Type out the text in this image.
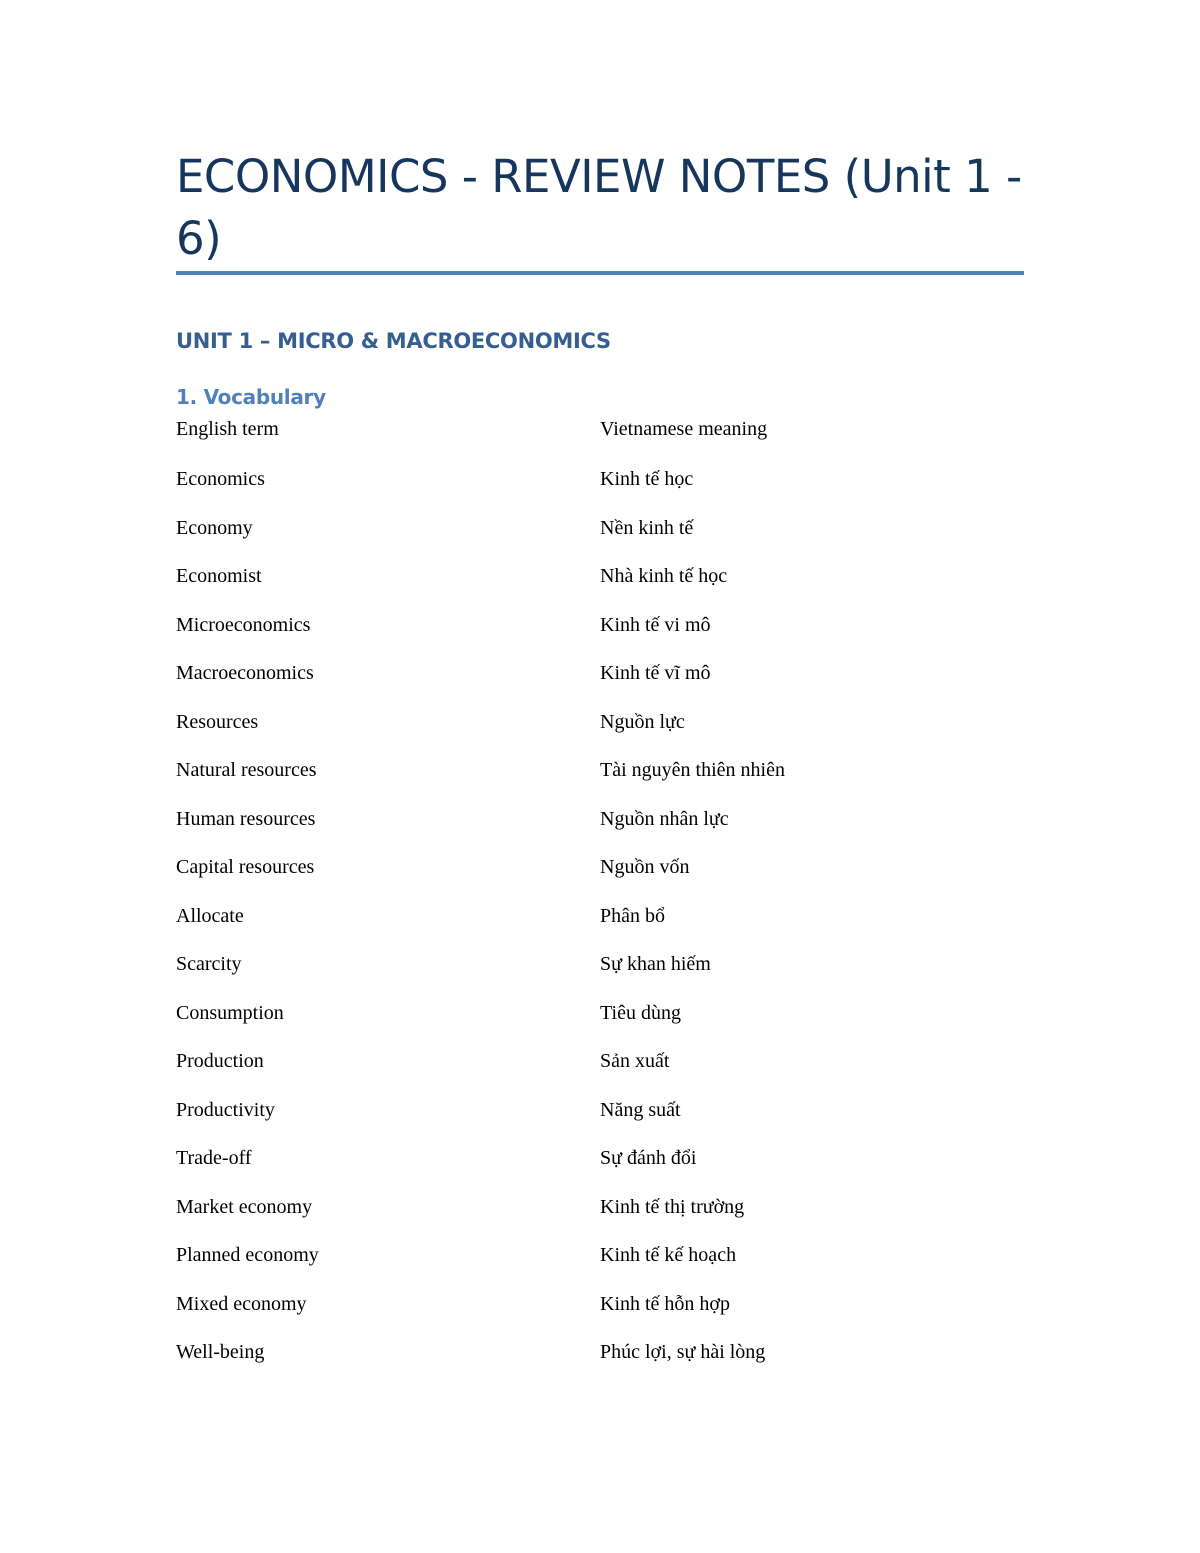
ECONOMICS - REVIEW NOTES (Unit 1 - 6)
UNIT 1 – MICRO & MACROECONOMICS
1. Vocabulary
English term	Vietnamese meaning
Economics	Kinh tế học
Economy	Nền kinh tế
Economist	Nhà kinh tế học
Microeconomics	Kinh tế vi mô
Macroeconomics	Kinh tế vĩ mô
Resources	Nguồn lực
Natural resources	Tài nguyên thiên nhiên
Human resources	Nguồn nhân lực
Capital resources	Nguồn vốn
Allocate	Phân bổ
Scarcity	Sự khan hiếm
Consumption	Tiêu dùng
Production	Sản xuất
Productivity	Năng suất
Trade-off	Sự đánh đổi
Market economy	Kinh tế thị trường
Planned economy	Kinh tế kế hoạch
Mixed economy	Kinh tế hỗn hợp
Well-being	Phúc lợi, sự hài lòng
